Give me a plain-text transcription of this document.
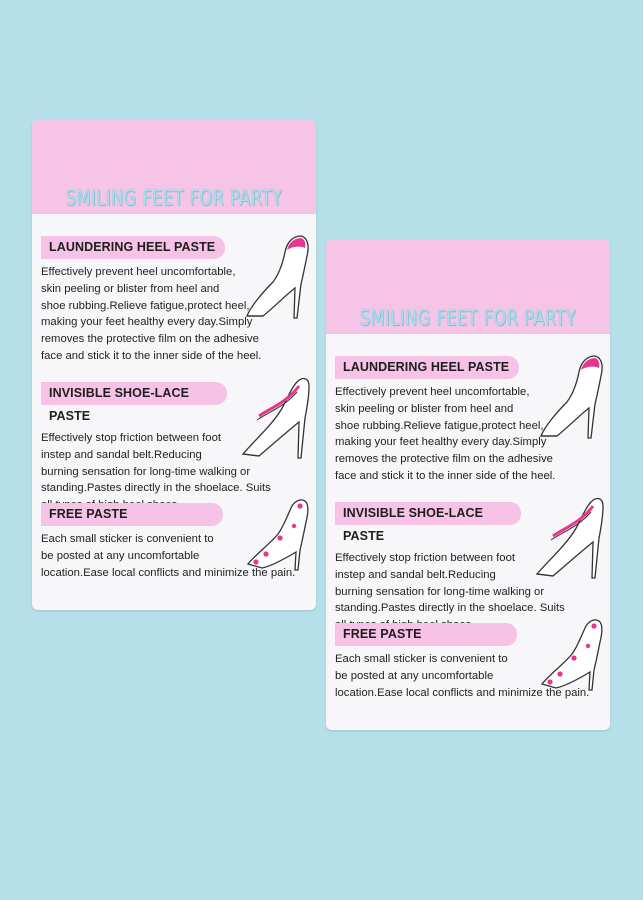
SMILING FEET FOR PARTY
LAUNDERING HEEL PASTE
Effectively prevent heel uncomfortable,
skin peeling or blister from heel and
shoe rubbing.Relieve fatigue,protect heel,
making your feet healthy every day.Simply
removes the protective film on the adhesive
face and stick it to the inner side of the heel.
INVISIBLE SHOE-LACE PASTE
Effectively stop friction between foot
instep and sandal belt.Reducing
burning sensation for long-time walking or
standing.Pastes directly in the shoelace. Suits
FREE PASTE
Each small sticker is convenient to
be posted at any uncomfortable
location.Ease local conflicts and minimize the pain.
SMILING FEET FOR PARTY
LAUNDERING HEEL PASTE
Effectively prevent heel uncomfortable,
skin peeling or blister from heel and
shoe rubbing.Relieve fatigue,protect heel,
making your feet healthy every day.Simply
removes the protective film on the adhesive
face and stick it to the inner side of the heel.
INVISIBLE SHOE-LACE PASTE
Effectively stop friction between foot
instep and sandal belt.Reducing
burning sensation for long-time walking or
standing.Pastes directly in the shoelace. Suits
FREE PASTE
Each small sticker is convenient to
be posted at any uncomfortable
location.Ease local conflicts and minimize the pain.
